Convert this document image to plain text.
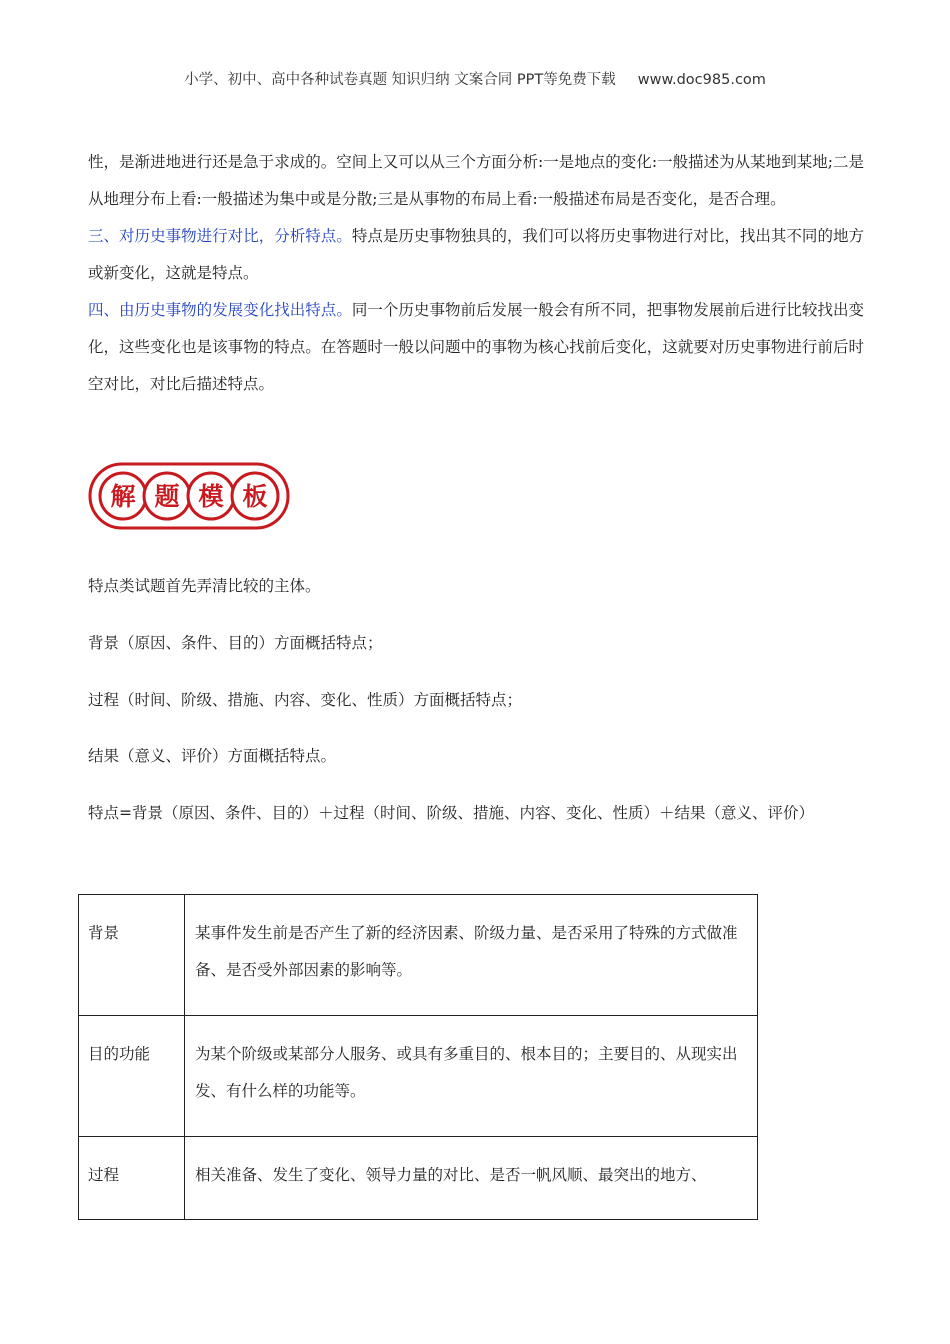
小学、初中、高中各种试卷真题 知识归纳 文案合同 PPT等免费下载 www.doc985.com

性，是渐进地进行还是急于求成的。空间上又可以从三个方面分析:一是地点的变化:一般描述为从某地到某地;二是从地理分布上看:一般描述为集中或是分散;三是从事物的布局上看:一般描述布局是否变化，是否合理。

三、对历史事物进行对比，分析特点。特点是历史事物独具的，我们可以将历史事物进行对比，找出其不同的地方或新变化，这就是特点。

四、由历史事物的发展变化找出特点。同一个历史事物前后发展一般会有所不同，把事物发展前后进行比较找出变化，这些变化也是该事物的特点。在答题时一般以问题中的事物为核心找前后变化，这就要对历史事物进行前后时空对比，对比后描述特点。

解 题 模 板

特点类试题首先弄清比较的主体。

背景（原因、条件、目的）方面概括特点；

过程（时间、阶级、措施、内容、变化、性质）方面概括特点；

结果（意义、评价）方面概括特点。

特点=背景（原因、条件、目的）＋过程（时间、阶级、措施、内容、变化、性质）＋结果（意义、评价）

背景	某事件发生前是否产生了新的经济因素、阶级力量、是否采用了特殊的方式做准备、是否受外部因素的影响等。
目的功能	为某个阶级或某部分人服务、或具有多重目的、根本目的；主要目的、从现实出发、有什么样的功能等。
过程	相关准备、发生了变化、领导力量的对比、是否一帆风顺、最突出的地方、
